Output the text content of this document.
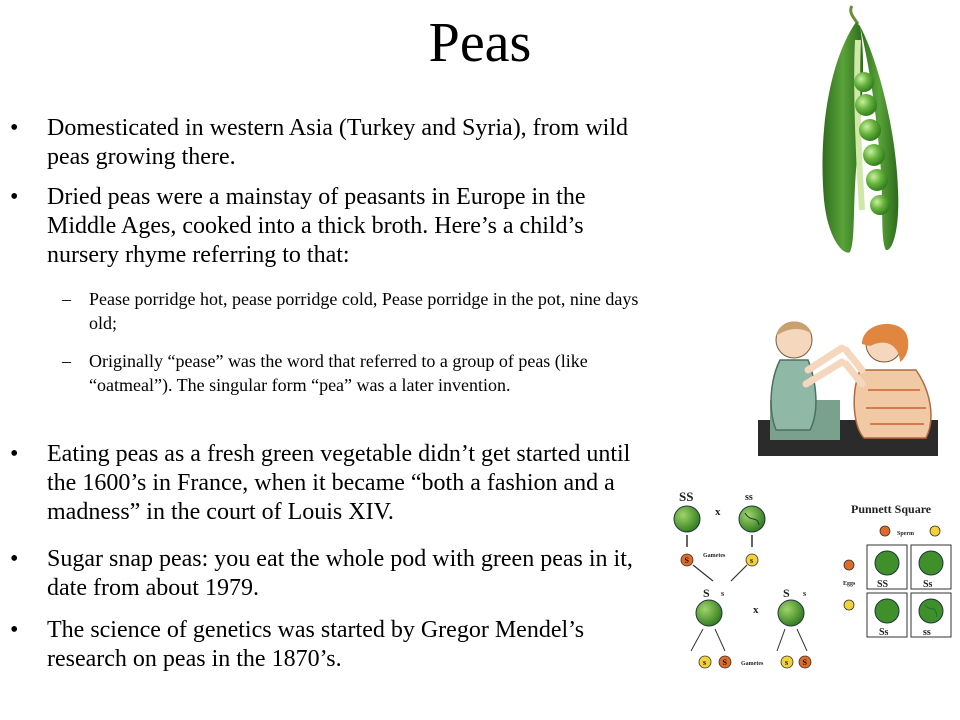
Peas
• Domesticated in western Asia (Turkey and Syria), from wild peas growing there.
• Dried peas were a mainstay of peasants in Europe in the Middle Ages, cooked into a thick broth. Here’s a child’s nursery rhyme referring to that:
– Pease porridge hot, pease porridge cold, Pease porridge in the pot, nine days old;
– Originally “pease” was the word that referred to a group of peas (like “oatmeal”). The singular form “pea” was a later invention.
• Eating peas as a fresh green vegetable didn’t get started until the 1600’s in France, when it became “both a fashion and a madness” in the court of Louis XIV.
• Sugar snap peas: you eat the whole pod with green peas in it, date from about 1979.
• The science of genetics was started by Gregor Mendel’s research on peas in the 1870’s.
SS	ss
x
S Gametes	s
S s	S s
x
s S Gametes	s S
Punnett Square
Sperm
Eggs SS	Ss
Ss	ss
